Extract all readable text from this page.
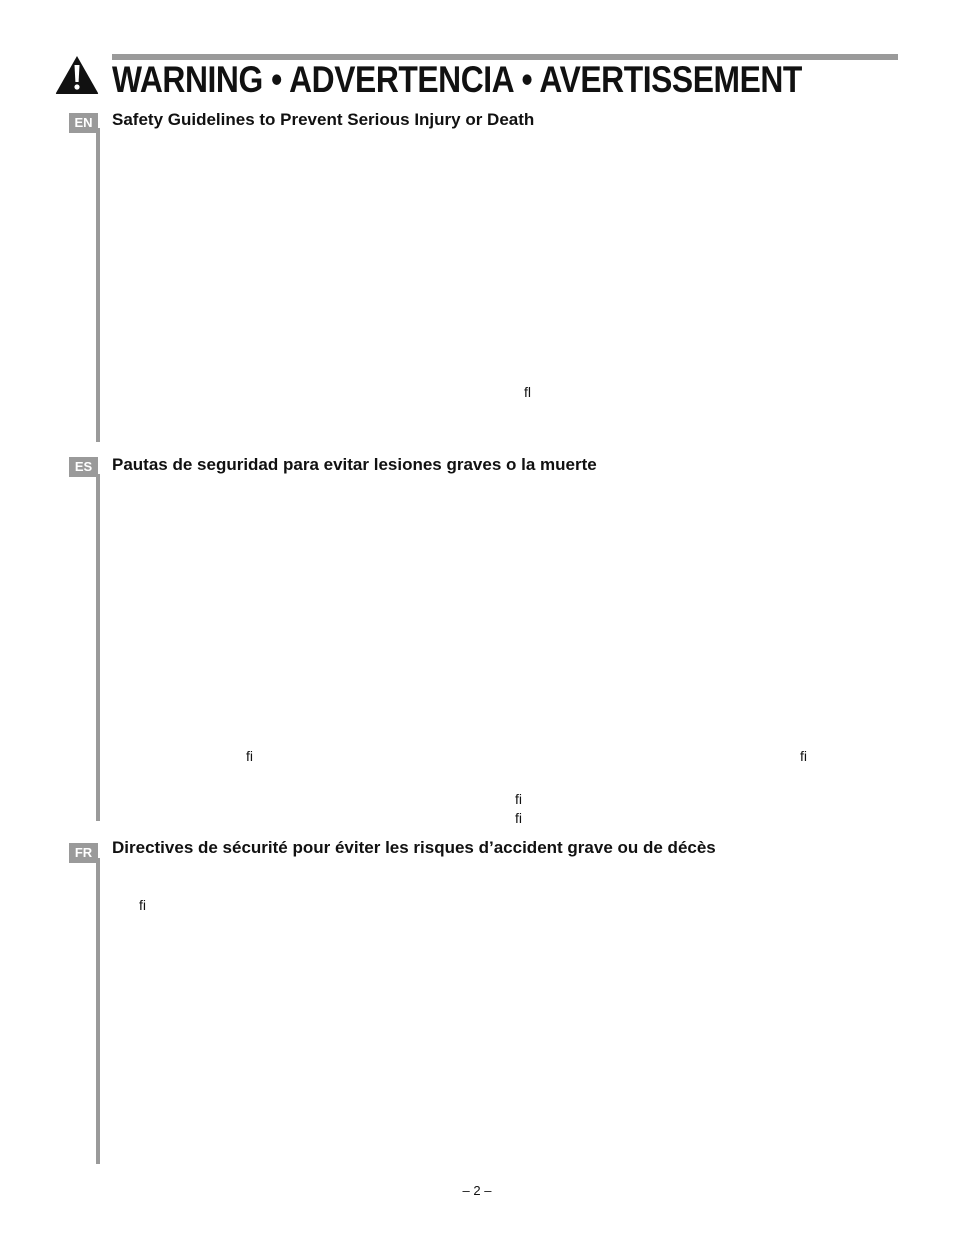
WARNING • ADVERTENCIA • AVERTISSEMENT
EN	Safety Guidelines to Prevent Serious Injury or Death
ﬂ
ES	Pautas de seguridad para evitar lesiones graves o la muerte
ﬁ	ﬁ
ﬁ
ﬁ
FR	Directives de sécurité pour éviter les risques d’accident grave ou de décès
ﬁ
– 2 –
